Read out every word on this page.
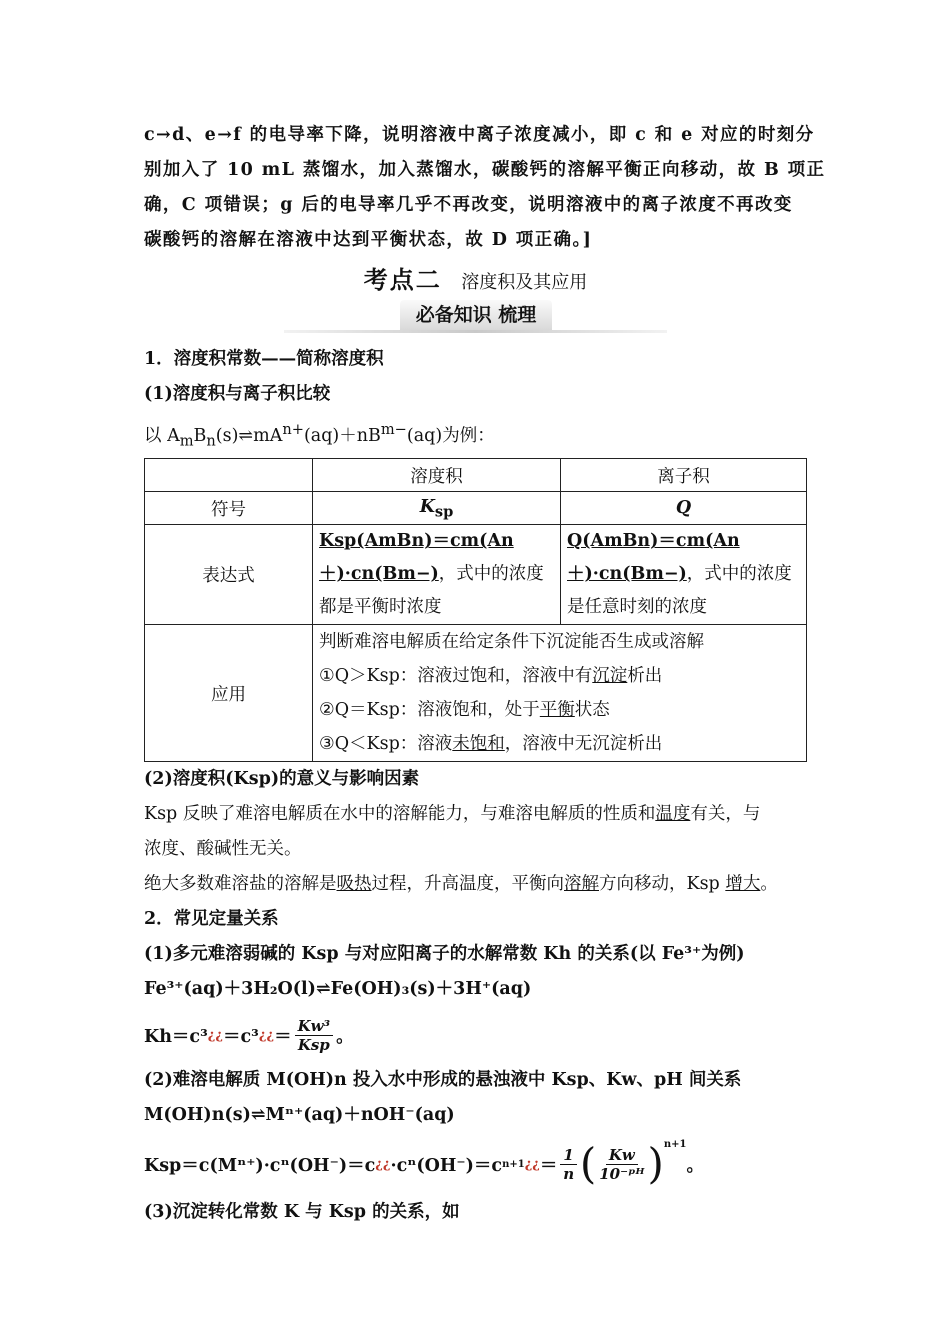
c→d、e→f 的电导率下降，说明溶液中离子浓度减小，即 c 和 e 对应的时刻分
别加入了 10 mL 蒸馏水，加入蒸馏水，碳酸钙的溶解平衡正向移动，故 B 项正
确，C 项错误；g 后的电导率几乎不再改变，说明溶液中的离子浓度不再改变
碳酸钙的溶解在溶液中达到平衡状态，故 D 项正确。]
考点二 溶度积及其应用
必备知识 梳理
1．溶度积常数——简称溶度积
(1)溶度积与离子积比较
以 $A_mB_n(s)\rightleftharpoons mA^{n+}(aq)+nB^{m-}(aq)$为例：
	溶度积	离子积
符号	$K_{sp}$	Q
表达式	Ksp(AmBn)＝cm(An＋)·cn(Bm−)，式中的浓度都是平衡时浓度	Q(AmBn)＝cm(An＋)·cn(Bm−)，式中的浓度是任意时刻的浓度
应用	判断难溶电解质在给定条件下沉淀能否生成或溶解
①Q＞Ksp：溶液过饱和，溶液中有沉淀析出
②Q＝Ksp：溶液饱和，处于平衡状态
③Q＜Ksp：溶液未饱和，溶液中无沉淀析出	
(2)溶度积(Ksp)的意义与影响因素
Ksp 反映了难溶电解质在水中的溶解能力，与难溶电解质的性质和温度有关，与
浓度、酸碱性无关。
绝大多数难溶盐的溶解是吸热过程，升高温度，平衡向溶解方向移动，Ksp 增大。
2．常见定量关系
(1)多元难溶弱碱的 Ksp 与对应阳离子的水解常数 Kh 的关系(以 Fe³⁺为例)
Fe³⁺(aq)＋3H₂O(l)⇌Fe(OH)₃(s)＋3H⁺(aq)
Kh＝c³ ¿¿ ＝c³ ¿¿ ＝ $\frac{\text{Kw³}}{\text{Ksp}}$ 。
(2)难溶电解质 M(OH)n 投入水中形成的悬浊液中 Ksp、Kw、pH 间关系
M(OH)n(s)⇌Mⁿ⁺(aq)＋nOH⁻(aq)
Ksp＝c(Mⁿ⁺)·cⁿ(OH⁻)＝c ¿¿ ·cⁿ(OH⁻)＝c n+1 ¿¿ ＝ $\frac{1}{n}$ ( $\frac{Kw}{\text{10⁻ᵖᴴ}} )^{n+1}$
。
(3)沉淀转化常数 K 与 Ksp 的关系，如
